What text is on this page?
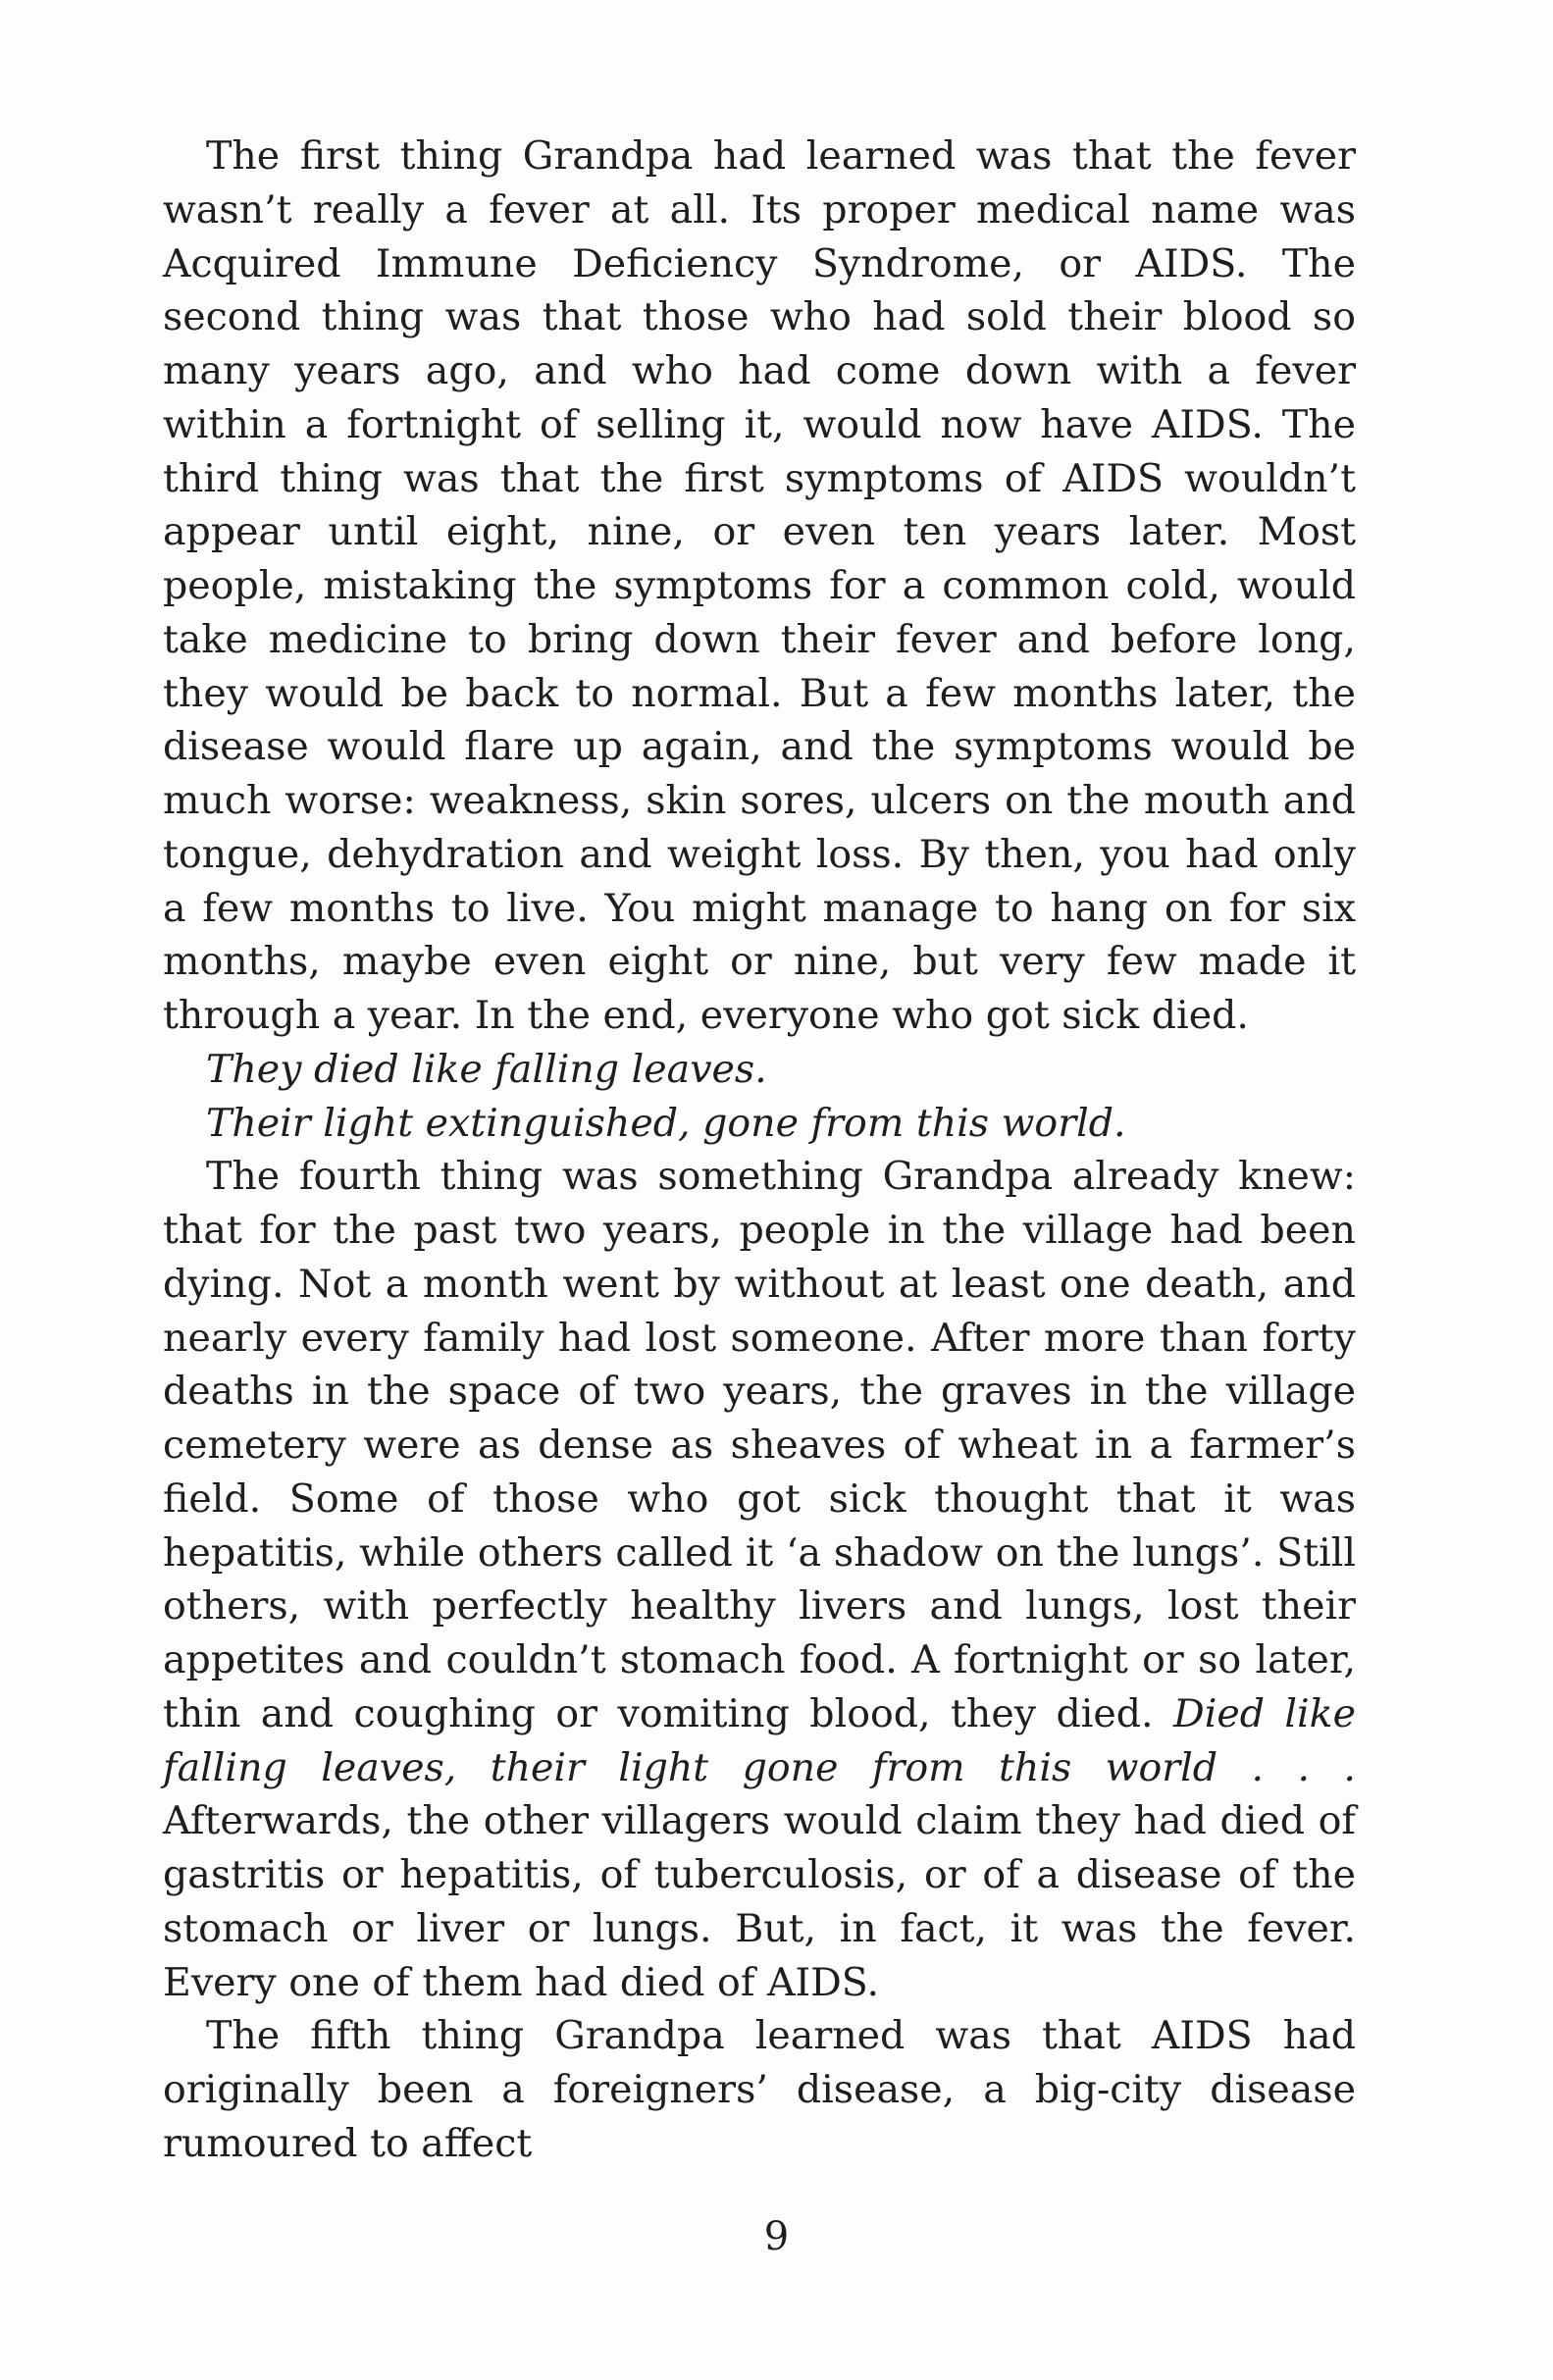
The first thing Grandpa had learned was that the fever wasn’t really a fever at all. Its proper medical name was Acquired Immune Deficiency Syndrome, or AIDS. The second thing was that those who had sold their blood so many years ago, and who had come down with a fever within a fortnight of selling it, would now have AIDS. The third thing was that the first symptoms of AIDS wouldn’t appear until eight, nine, or even ten years later. Most people, mistaking the symptoms for a common cold, would take medicine to bring down their fever and before long, they would be back to normal. But a few months later, the disease would flare up again, and the symptoms would be much worse: weakness, skin sores, ulcers on the mouth and tongue, dehydration and weight loss. By then, you had only a few months to live. You might manage to hang on for six months, maybe even eight or nine, but very few made it through a year. In the end, everyone who got sick died.

They died like falling leaves.

Their light extinguished, gone from this world.

The fourth thing was something Grandpa already knew: that for the past two years, people in the village had been dying. Not a month went by without at least one death, and nearly every family had lost someone. After more than forty deaths in the space of two years, the graves in the village cemetery were as dense as sheaves of wheat in a farmer’s field. Some of those who got sick thought that it was hepatitis, while others called it ‘a shadow on the lungs’. Still others, with perfectly healthy livers and lungs, lost their appetites and couldn’t stomach food. A fortnight or so later, thin and coughing or vomiting blood, they died. Died like falling leaves, their light gone from this world . . . Afterwards, the other villagers would claim they had died of gastritis or hepatitis, of tuberculosis, or of a disease of the stomach or liver or lungs. But, in fact, it was the fever. Every one of them had died of AIDS.

The fifth thing Grandpa learned was that AIDS had originally been a foreigners’ disease, a big-city disease rumoured to affect

9
